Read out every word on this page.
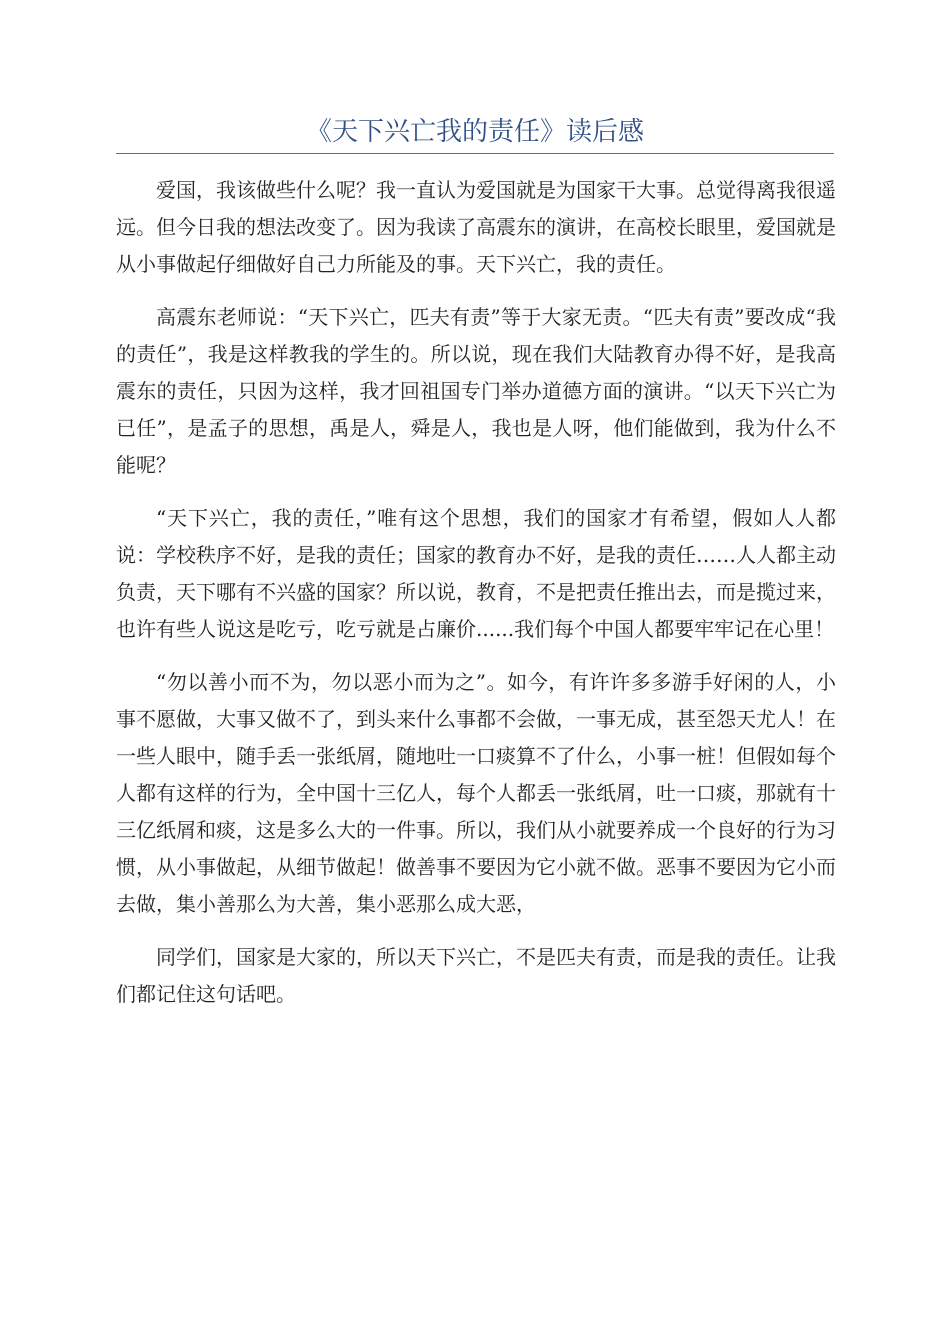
《天下兴亡我的责任》读后感

爱国，我该做些什么呢？我一直认为爱国就是为国家干大事。总觉得离我很遥远。但今日我的想法改变了。因为我读了高震东的演讲，在高校长眼里，爱国就是从小事做起仔细做好自己力所能及的事。天下兴亡，我的责任。

高震东老师说：“天下兴亡，匹夫有责”等于大家无责。“匹夫有责”要改成“我的责任”，我是这样教我的学生的。所以说，现在我们大陆教育办得不好，是我高震东的责任，只因为这样，我才回祖国专门举办道德方面的演讲。“以天下兴亡为已任”，是孟子的思想，禹是人，舜是人，我也是人呀，他们能做到，我为什么不能呢？

“天下兴亡，我的责任，”唯有这个思想，我们的国家才有希望，假如人人都说：学校秩序不好，是我的责任；国家的教育办不好，是我的责任……人人都主动负责，天下哪有不兴盛的国家？所以说，教育，不是把责任推出去，而是揽过来，也许有些人说这是吃亏，吃亏就是占廉价......我们每个中国人都要牢牢记在心里！

“勿以善小而不为，勿以恶小而为之”。如今，有许许多多游手好闲的人，小事不愿做，大事又做不了，到头来什么事都不会做，一事无成，甚至怨天尤人！在一些人眼中，随手丢一张纸屑，随地吐一口痰算不了什么，小事一桩！但假如每个人都有这样的行为，全中国十三亿人，每个人都丢一张纸屑，吐一口痰，那就有十三亿纸屑和痰，这是多么大的一件事。所以，我们从小就要养成一个良好的行为习惯，从小事做起，从细节做起！做善事不要因为它小就不做。恶事不要因为它小而去做，集小善那么为大善，集小恶那么成大恶，

同学们，国家是大家的，所以天下兴亡，不是匹夫有责，而是我的责任。让我们都记住这句话吧。
